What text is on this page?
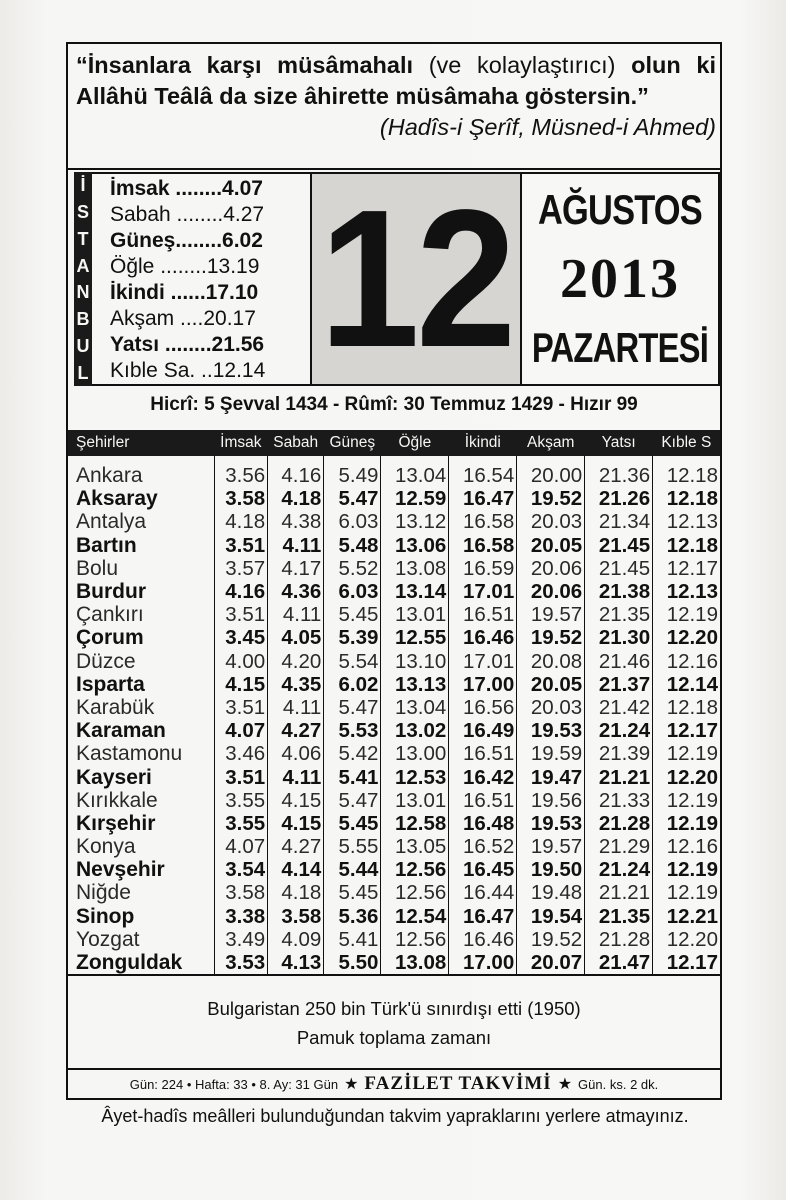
“İnsanlara karşı müsâmahalı (ve kolaylaştırıcı) olun ki Allâhü Teâlâ da size âhirette müsâmaha göstersin.”
(Hadîs-i Şerîf, Müsned-i Ahmed)
İ
S
T
A
N
B
U
L
İmsak ........4.07
Sabah ........4.27
Güneş........6.02
Öğle ........13.19
İkindi ......17.10
Akşam ....20.17
Yatsı ........21.56
Kıble Sa. ..12.14 12 AĞUSTOS
2013
PAZARTESİ
Hicrî: 5 Şevval 1434 - Rûmî: 30 Temmuz 1429 - Hızır 99
Şehirler	İmsak	Sabah	Güneş	Öğle	İkindi	Akşam	Yatsı	Kıble S

Ankara	3.56	4.16	5.49	13.04	16.54	20.00	21.36	12.18
Aksaray	3.58	4.18	5.47	12.59	16.47	19.52	21.26	12.18
Antalya	4.18	4.38	6.03	13.12	16.58	20.03	21.34	12.13
Bartın	3.51	4.11	5.48	13.06	16.58	20.05	21.45	12.18
Bolu	3.57	4.17	5.52	13.08	16.59	20.06	21.45	12.17
Burdur	4.16	4.36	6.03	13.14	17.01	20.06	21.38	12.13
Çankırı	3.51	4.11	5.45	13.01	16.51	19.57	21.35	12.19
Çorum	3.45	4.05	5.39	12.55	16.46	19.52	21.30	12.20
Düzce	4.00	4.20	5.54	13.10	17.01	20.08	21.46	12.16
Isparta	4.15	4.35	6.02	13.13	17.00	20.05	21.37	12.14
Karabük	3.51	4.11	5.47	13.04	16.56	20.03	21.42	12.18
Karaman	4.07	4.27	5.53	13.02	16.49	19.53	21.24	12.17
Kastamonu	3.46	4.06	5.42	13.00	16.51	19.59	21.39	12.19
Kayseri	3.51	4.11	5.41	12.53	16.42	19.47	21.21	12.20
Kırıkkale	3.55	4.15	5.47	13.01	16.51	19.56	21.33	12.19
Kırşehir	3.55	4.15	5.45	12.58	16.48	19.53	21.28	12.19
Konya	4.07	4.27	5.55	13.05	16.52	19.57	21.29	12.16
Nevşehir	3.54	4.14	5.44	12.56	16.45	19.50	21.24	12.19
Niğde	3.58	4.18	5.45	12.56	16.44	19.48	21.21	12.19
Sinop	3.38	3.58	5.36	12.54	16.47	19.54	21.35	12.21
Yozgat	3.49	4.09	5.41	12.56	16.46	19.52	21.28	12.20
Zonguldak	3.53	4.13	5.50	13.08	17.00	20.07	21.47	12.17
Bulgaristan 250 bin Türk'ü sınırdışı etti (1950)
Pamuk toplama zamanı
Gün: 224 • Hafta: 33 • 8. Ay: 31 Gün ★ FAZİLET TAKVİMİ ★ Gün. ks. 2 dk.
Âyet-hadîs meâlleri bulunduğundan takvim yapraklarını yerlere atmayınız.
